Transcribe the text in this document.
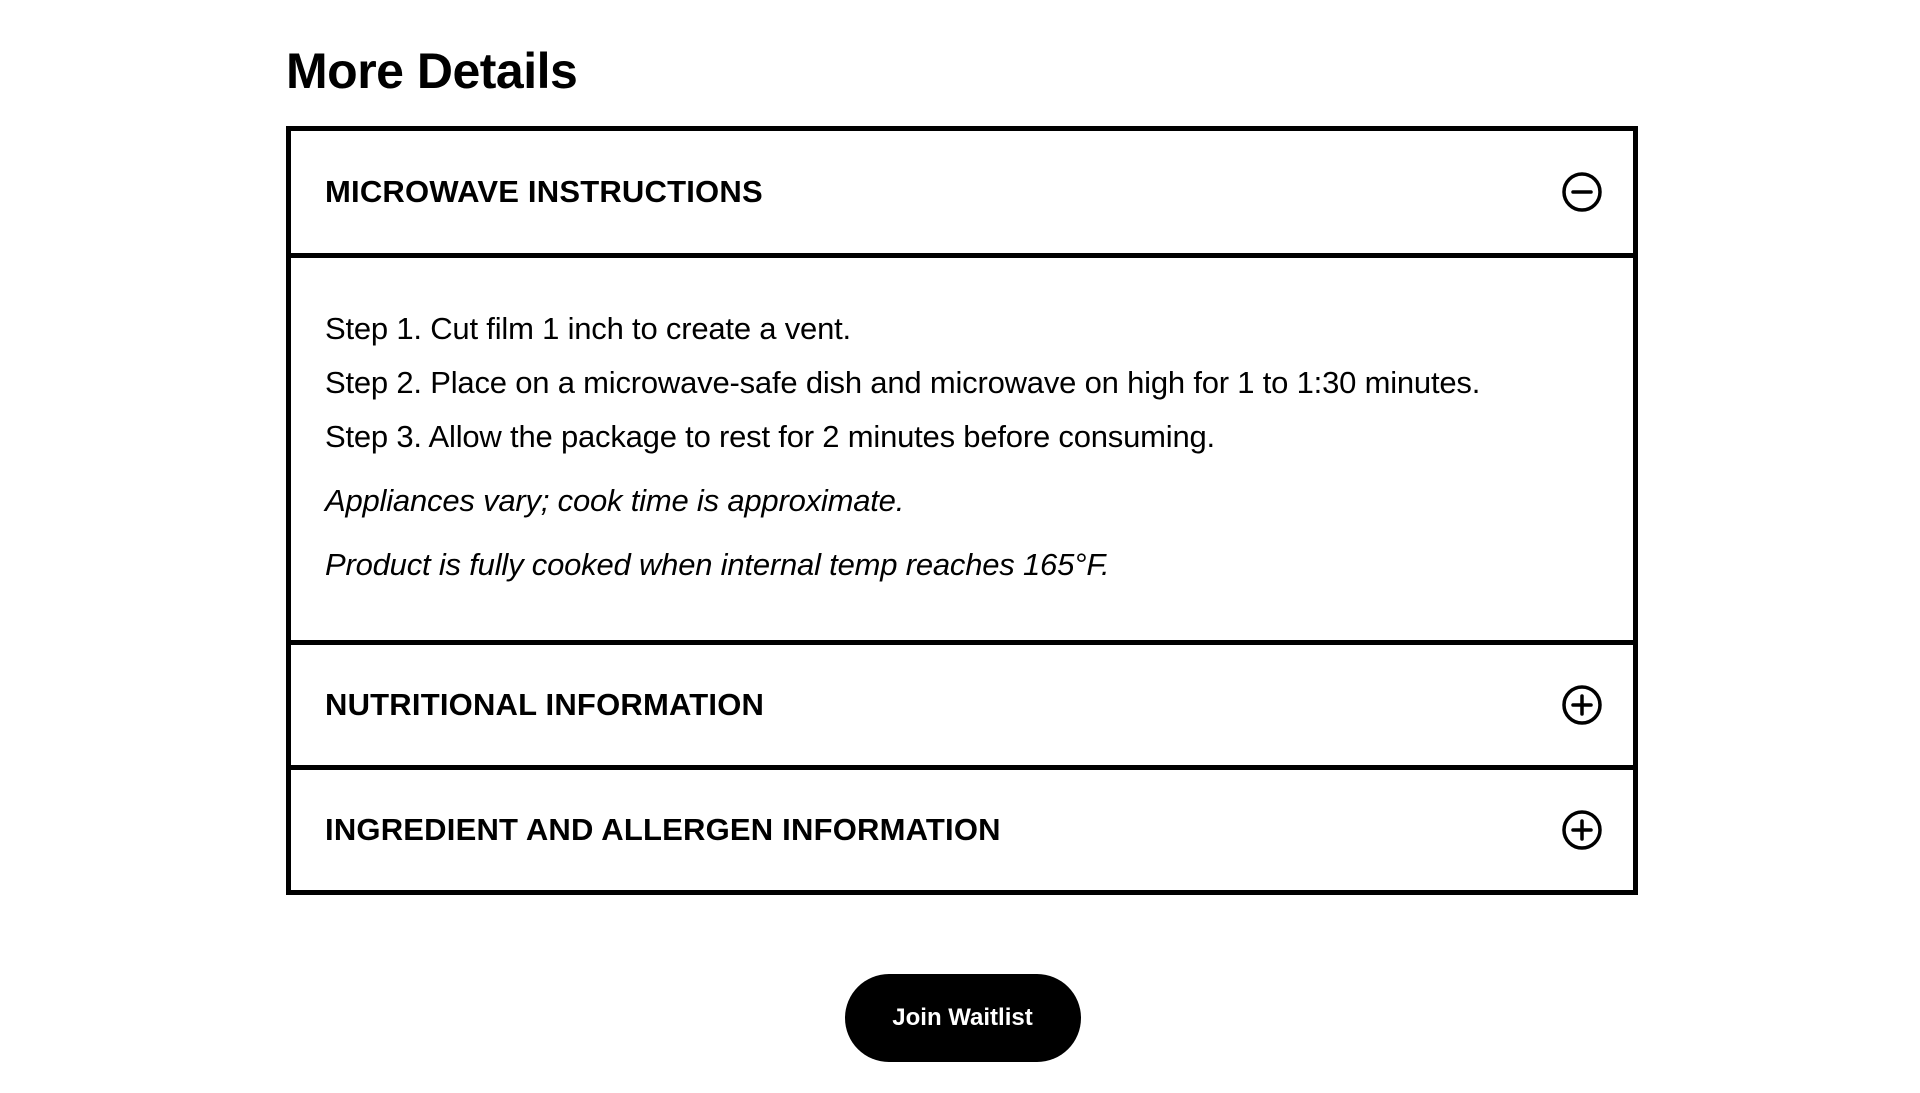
More Details
MICROWAVE INSTRUCTIONS

Step 1. Cut film 1 inch to create a vent.

Step 2. Place on a microwave-safe dish and microwave on high for 1 to 1:30 minutes.

Step 3. Allow the package to rest for 2 minutes before consuming.

Appliances vary; cook time is approximate.

Product is fully cooked when internal temp reaches 165°F.

NUTRITIONAL INFORMATION
INGREDIENT AND ALLERGEN INFORMATION
Join Waitlist
